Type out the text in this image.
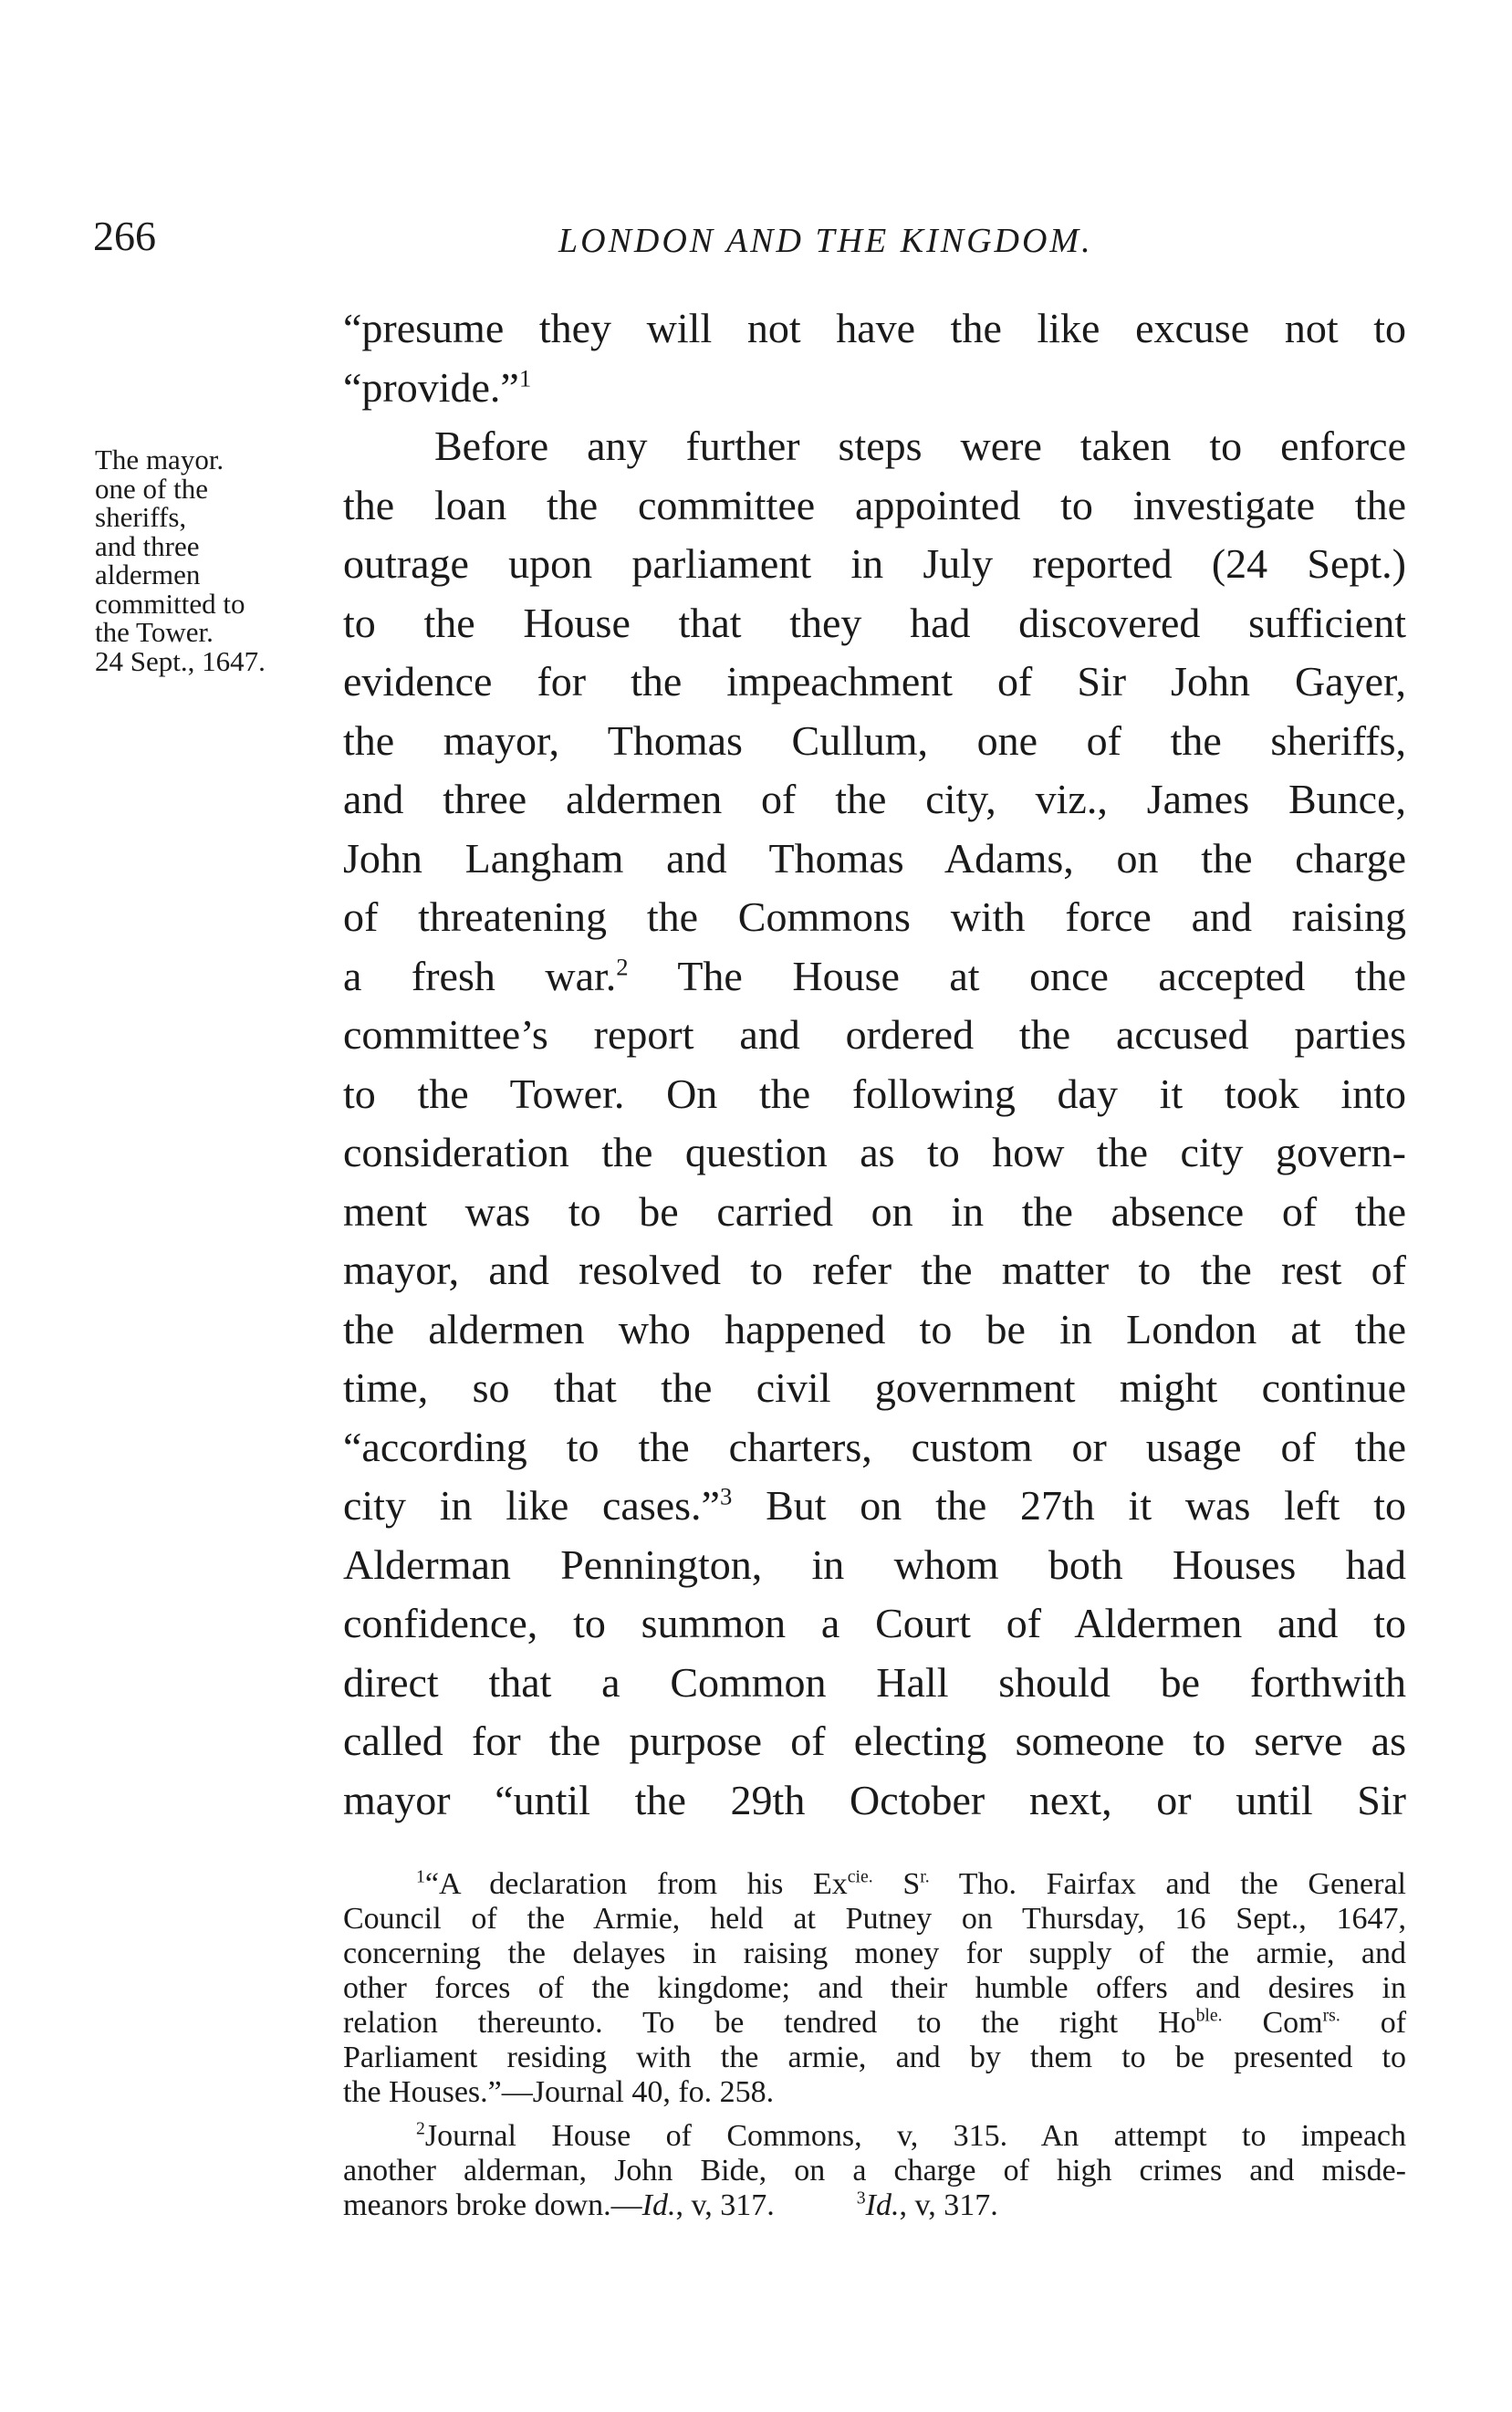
266	LONDON AND THE KINGDOM.
The mayor.
one of the
sheriffs,
and three
aldermen
committed to
the Tower.
24 Sept., 1647.
“presume they will not have the like excuse not to
“provide.”$^1$
Before any further steps were taken to enforce
the loan the committee appointed to investigate the
outrage upon parliament in July reported (24 Sept.)
to the House that they had discovered sufficient
evidence for the impeachment of Sir John Gayer,
the mayor, Thomas Cullum, one of the sheriffs,
and three aldermen of the city, viz., James Bunce,
John Langham and Thomas Adams, on the charge
of threatening the Commons with force and raising
a fresh war.$^2$ The House at once accepted the
committee’s report and ordered the accused parties
to the Tower. On the following day it took into
consideration the question as to how the city govern-
ment was to be carried on in the absence of the
mayor, and resolved to refer the matter to the rest of
the aldermen who happened to be in London at the
time, so that the civil government might continue
“according to the charters, custom or usage of the
city in like cases.”$^3$ But on the 27th it was left to
Alderman Pennington, in whom both Houses had
confidence, to summon a Court of Aldermen and to
direct that a Common Hall should be forthwith
called for the purpose of electing someone to serve as
mayor “until the 29th October next, or until Sir
$^1$“A declaration from his $Ex^{cie.}$ $S^{r.}$ Tho. Fairfax and the General
Council of the Armie, held at Putney on Thursday, 16 Sept., 1647,
concerning the delayes in raising money for supply of the armie, and
other forces of the kingdome; and their humble offers and desires in
relation thereunto. To be tendred to the right $Ho^{ble.}$ Com$^{rs.}$ of
Parliament residing with the armie, and by them to be presented to
the Houses.”—Journal 40, fo. 258.
$^2$Journal House of Commons, v, 315. An attempt to impeach
another alderman, John Bide, on a charge of high crimes and misde-
meanors broke down.—Id., v, 317.	$^3$Id., v, 317.
